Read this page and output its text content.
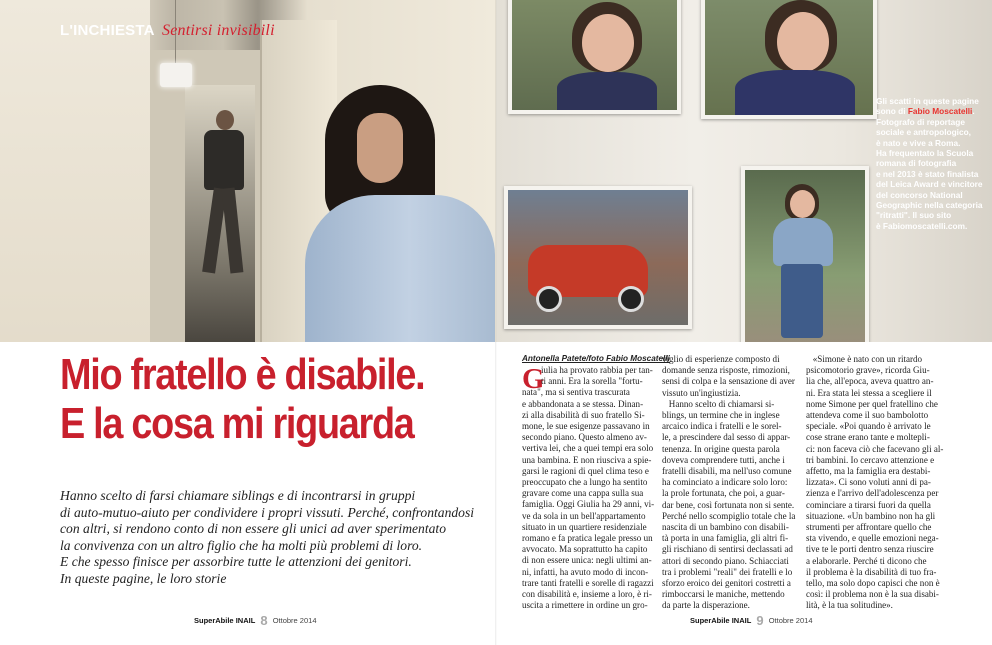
L'INCHIESTA Sentirsi invisibili
Gli scatti in queste pagine sono di Fabio Moscatelli.
Fotografo di reportage
sociale e antropologico,
è nato e vive a Roma.
Ha frequentato la Scuola
romana di fotografia
e nel 2013 è stato finalista
del Leica Award e vincitore
del concorso National
Geographic nella categoria
"ritratti". Il suo sito
è Fabiomoscatelli.com.
Mio fratello è disabile.
E la cosa mi riguarda
Hanno scelto di farsi chiamare siblings e di incontrarsi in gruppi
di auto-mutuo-aiuto per condividere i propri vissuti. Perché, confrontandosi
con altri, si rendono conto di non essere gli unici ad aver sperimentato
la convivenza con un altro figlio che ha molti più problemi di loro.
E che spesso finisce per assorbire tutte le attenzioni dei genitori.
In queste pagine, le loro storie
Antonella Patete/foto Fabio Moscatelli
G
iulia ha provato rabbia per tan-
ti anni. Era la sorella "fortu-
nata", ma si sentiva trascurata
e abbandonata a se stessa. Dinan-
zi alla disabilità di suo fratello Si-
mone, le sue esigenze passavano in
secondo piano. Questo almeno av-
vertiva lei, che a quei tempi era solo
una bambina. E non riusciva a spie-
garsi le ragioni di quel clima teso e
preoccupato che a lungo ha sentito
gravare come una cappa sulla sua
famiglia. Oggi Giulia ha 29 anni, vi-
ve da sola in un bell'appartamento
situato in un quartiere residenziale
romano e fa pratica legale presso un
avvocato. Ma soprattutto ha capito
di non essere unica: negli ultimi an-
ni, infatti, ha avuto modo di incon-
trare tanti fratelli e sorelle di ragazzi
con disabilità e, insieme a loro, è ri-
uscita a rimettere in ordine un gro-
viglio di esperienze composto di
domande senza risposte, rimozioni,
sensi di colpa e la sensazione di aver
vissuto un'ingiustizia.
Hanno scelto di chiamarsi si-
blings, un termine che in inglese
arcaico indica i fratelli e le sorel-
le, a prescindere dal sesso di appar-
tenenza. In origine questa parola
doveva comprendere tutti, anche i
fratelli disabili, ma nell'uso comune
ha cominciato a indicare solo loro:
la prole fortunata, che poi, a guar-
dar bene, così fortunata non si sente.
Perché nello scompiglio totale che la
nascita di un bambino con disabili-
tà porta in una famiglia, gli altri fi-
gli rischiano di sentirsi declassati ad
attori di secondo piano. Schiacciati
tra i problemi "reali" dei fratelli e lo
sforzo eroico dei genitori costretti a
rimboccarsi le maniche, mettendo
da parte la disperazione.
«Simone è nato con un ritardo
psicomotorio grave», ricorda Giu-
lia che, all'epoca, aveva quattro an-
ni. Era stata lei stessa a scegliere il
nome Simone per quel fratellino che
attendeva come il suo bambolotto
speciale. «Poi quando è arrivato le
cose strane erano tante e moltepli-
ci: non faceva ciò che facevano gli al-
tri bambini. Io cercavo attenzione e
affetto, ma la famiglia era destabi-
lizzata». Ci sono voluti anni di pa-
zienza e l'arrivo dell'adolescenza per
cominciare a tirarsi fuori da quella
situazione. «Un bambino non ha gli
strumenti per affrontare quello che
sta vivendo, e quelle emozioni nega-
tive te le porti dentro senza riuscire
a elaborarle. Perché ti dicono che
il problema è la disabilità di tuo fra-
tello, ma solo dopo capisci che non è
così: il problema non è la sua disabi-
lità, è la tua solitudine».
SuperAbile INAIL 8 Ottobre 2014	SuperAbile INAIL 9 Ottobre 2014
